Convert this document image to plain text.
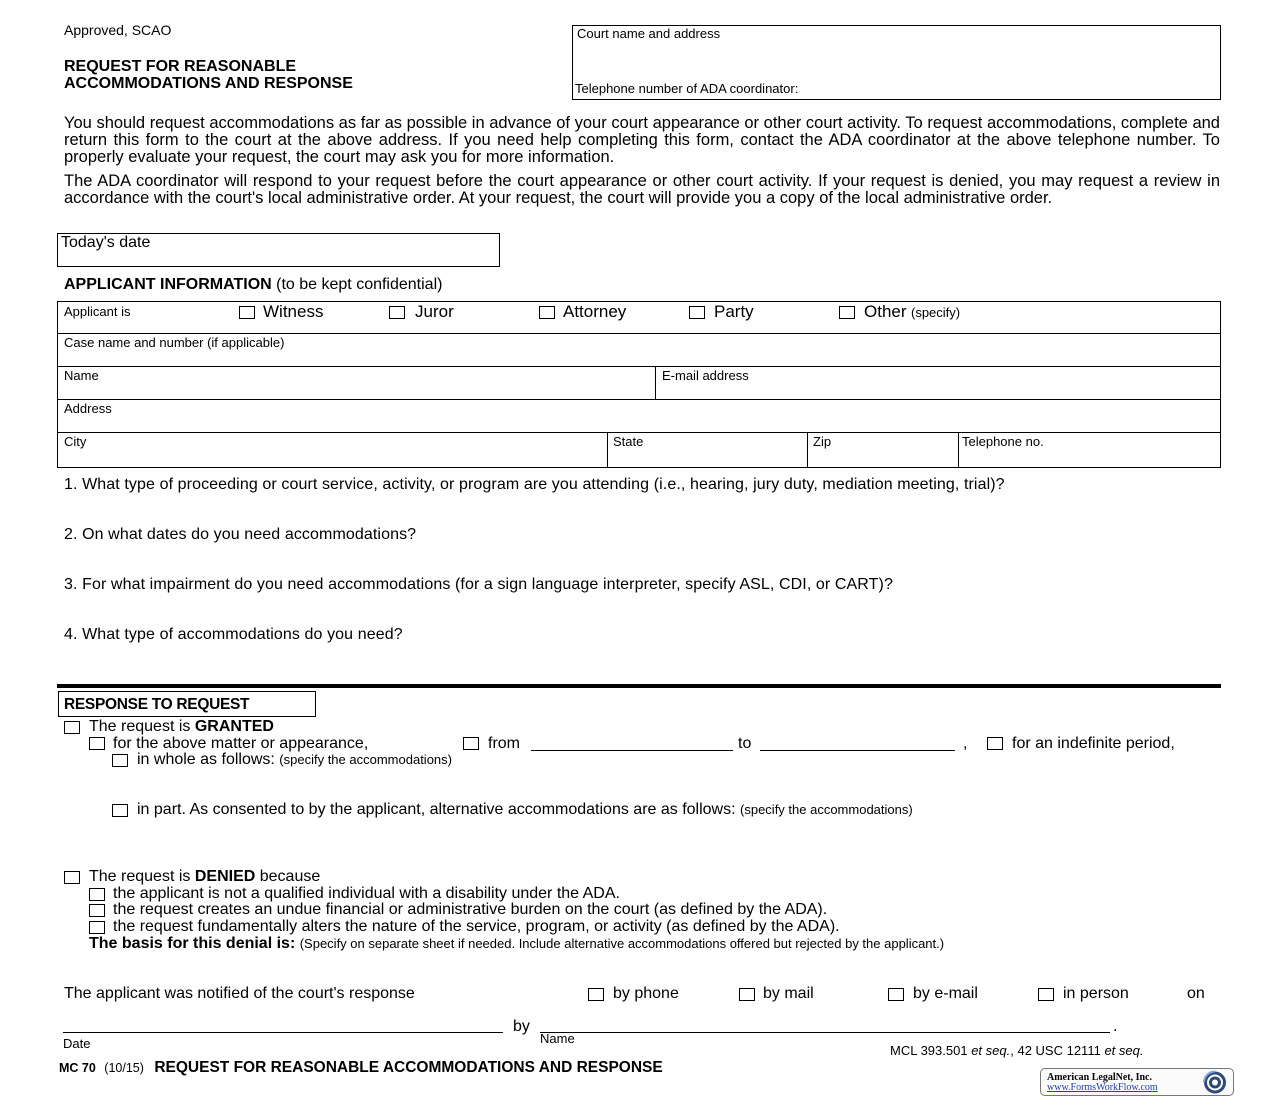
Approved, SCAO
REQUEST FOR REASONABLE
ACCOMMODATIONS AND RESPONSE
Court name and address
Telephone number of ADA coordinator:
You should request accommodations as far as possible in advance of your court appearance or other court activity. To request accommodations, complete and return this form to the court at the above address. If you need help completing this form, contact the ADA coordinator at the above telephone number. To properly evaluate your request, the court may ask you for more information.
The ADA coordinator will respond to your request before the court appearance or other court activity. If your request is denied, you may request a review in accordance with the court's local administrative order. At your request, the court will provide you a copy of the local administrative order.
Today's date
APPLICANT INFORMATION (to be kept confidential)
Applicant is	Witness	Juror	Attorney	Party	Other (specify)
Case name and number (if applicable)
Name	E-mail address
Address
City	State	Zip	Telephone no.
1. What type of proceeding or court service, activity, or program are you attending (i.e., hearing, jury duty, mediation meeting, trial)?
2. On what dates do you need accommodations?
3. For what impairment do you need accommodations (for a sign language interpreter, specify ASL, CDI, or CART)?
4. What type of accommodations do you need?
RESPONSE TO REQUEST
The request is GRANTED
for the above matter or appearance,	from	to	,	for an indefinite period,
in whole as follows: (specify the accommodations)
in part. As consented to by the applicant, alternative accommodations are as follows: (specify the accommodations)
The request is DENIED because
the applicant is not a qualified individual with a disability under the ADA.
the request creates an undue financial or administrative burden on the court (as defined by the ADA).
the request fundamentally alters the nature of the service, program, or activity (as defined by the ADA).
The basis for this denial is: (Specify on separate sheet if needed. Include alternative accommodations offered but rejected by the applicant.)
The applicant was notified of the court's response	by phone	by mail	by e-mail	in person	on
by	.
Date	Name
MCL 393.501 et seq., 42 USC 12111 et seq.
MC 70 (10/15) REQUEST FOR REASONABLE ACCOMMODATIONS AND RESPONSE
American LegalNet, Inc.
www.FormsWorkFlow.com
